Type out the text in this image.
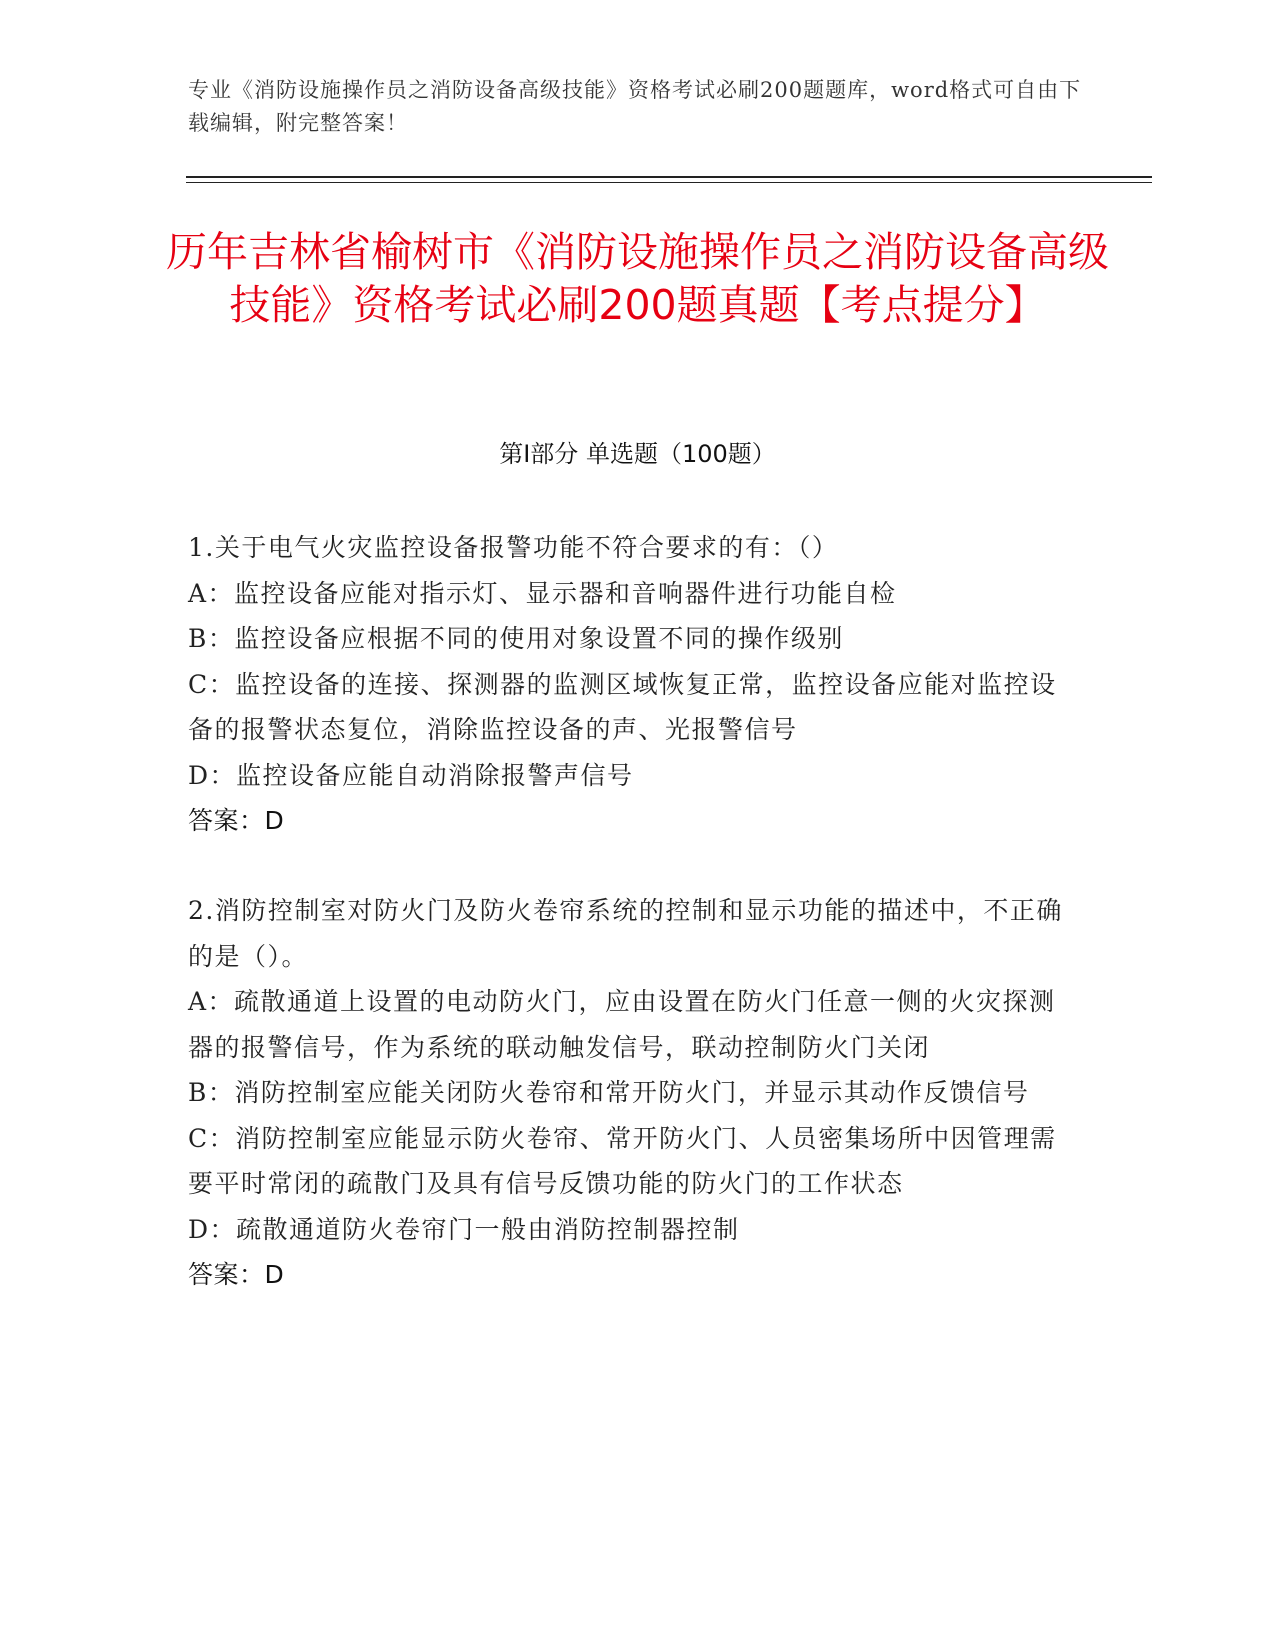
专业《消防设施操作员之消防设备高级技能》资格考试必刷200题题库，word格式可自由下载编辑，附完整答案！
历年吉林省榆树市《消防设施操作员之消防设备高级技能》资格考试必刷200题真题【考点提分】
第Ⅰ部分 单选题（100题）

1.关于电气火灾监控设备报警功能不符合要求的有：（）

A：监控设备应能对指示灯、显示器和音响器件进行功能自检

B：监控设备应根据不同的使用对象设置不同的操作级别

C：监控设备的连接、探测器的监测区域恢复正常，监控设备应能对监控设备的报警状态复位，消除监控设备的声、光报警信号

D：监控设备应能自动消除报警声信号

答案：D

2.消防控制室对防火门及防火卷帘系统的控制和显示功能的描述中，不正确的是（）。

A：疏散通道上设置的电动防火门，应由设置在防火门任意一侧的火灾探测器的报警信号，作为系统的联动触发信号，联动控制防火门关闭

B：消防控制室应能关闭防火卷帘和常开防火门，并显示其动作反馈信号

C：消防控制室应能显示防火卷帘、常开防火门、人员密集场所中因管理需要平时常闭的疏散门及具有信号反馈功能的防火门的工作状态

D：疏散通道防火卷帘门一般由消防控制器控制

答案：D
